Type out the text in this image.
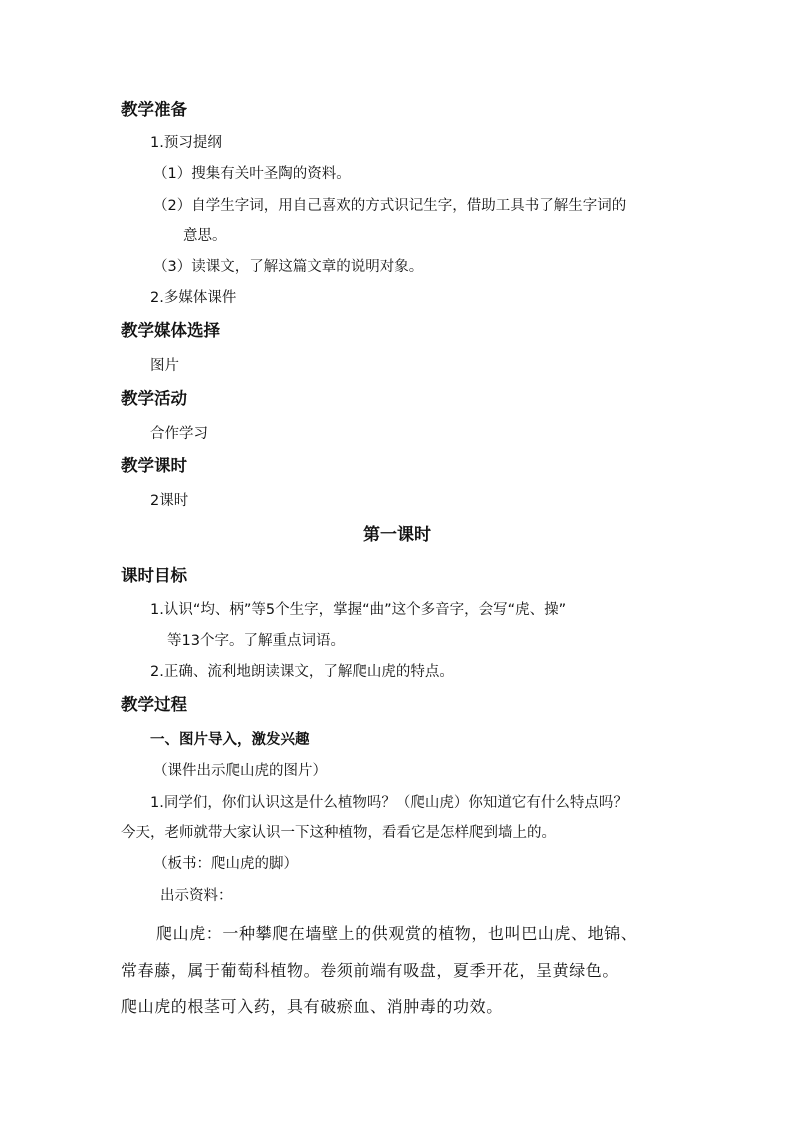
教学准备
1.预习提纲
（1）搜集有关叶圣陶的资料。
（2）自学生字词，用自己喜欢的方式识记生字，借助工具书了解生字词的
意思。
（3）读课文，了解这篇文章的说明对象。
2.多媒体课件
教学媒体选择
图片
教学活动
合作学习
教学课时
2课时
第一课时
课时目标
1.认识“均、柄”等5个生字，掌握“曲”这个多音字，会写“虎、操”
等13个字。了解重点词语。
2.正确、流利地朗读课文，了解爬山虎的特点。
教学过程
一、图片导入，激发兴趣
（课件出示爬山虎的图片）
1.同学们，你们认识这是什么植物吗？（爬山虎）你知道它有什么特点吗？
今天，老师就带大家认识一下这种植物，看看它是怎样爬到墙上的。
（板书：爬山虎的脚）
出示资料：
爬山虎：一种攀爬在墙壁上的供观赏的植物，也叫巴山虎、地锦、
常春藤，属于葡萄科植物。卷须前端有吸盘，夏季开花，呈黄绿色。
爬山虎的根茎可入药，具有破瘀血、消肿毒的功效。
